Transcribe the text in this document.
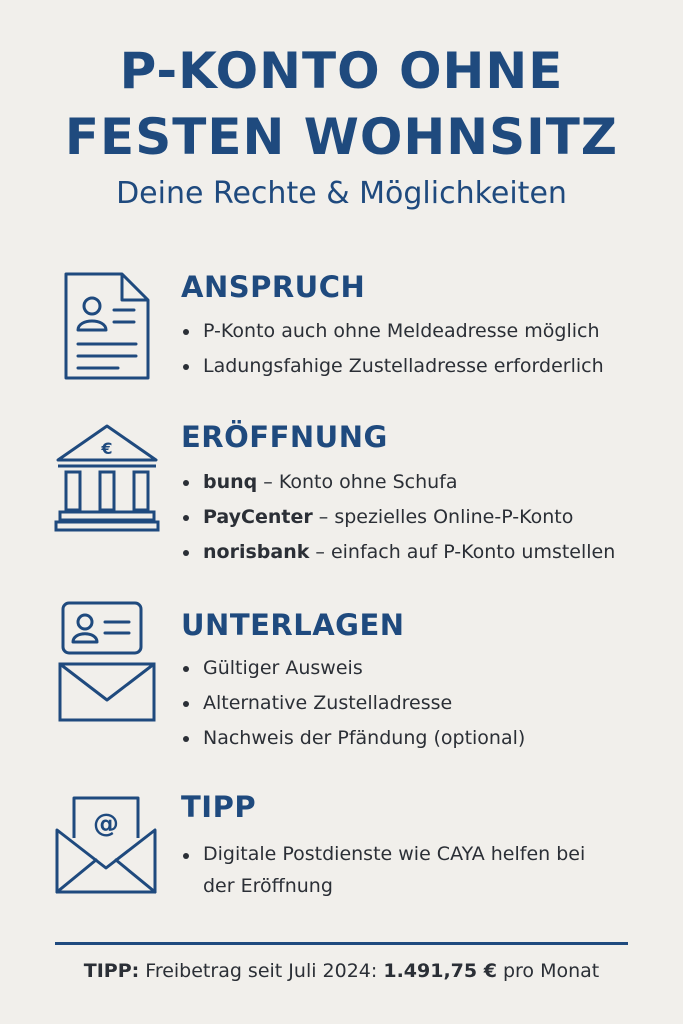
P-KONTO OHNE
FESTEN WOHNSITZ

Deine Rechte & Möglichkeiten

ANSPRUCH
P-Konto auch ohne Meldeadresse möglich
Ladungsfahige Zustelladresse erforderlich
€ ERÖFFNUNG
bunq – Konto ohne Schufa
PayCenter – spezielles Online-P-Konto
norisbank – einfach auf P-Konto umstellen
UNTERLAGEN
Gültiger Ausweis
Alternative Zustelladresse
Nachweis der Pfändung (optional)
@ TIPP
Digitale Postdienste wie CAYA helfen bei der Eröffnung
TIPP: Freibetrag seit Juli 2024: 1.491,75 € pro Monat
